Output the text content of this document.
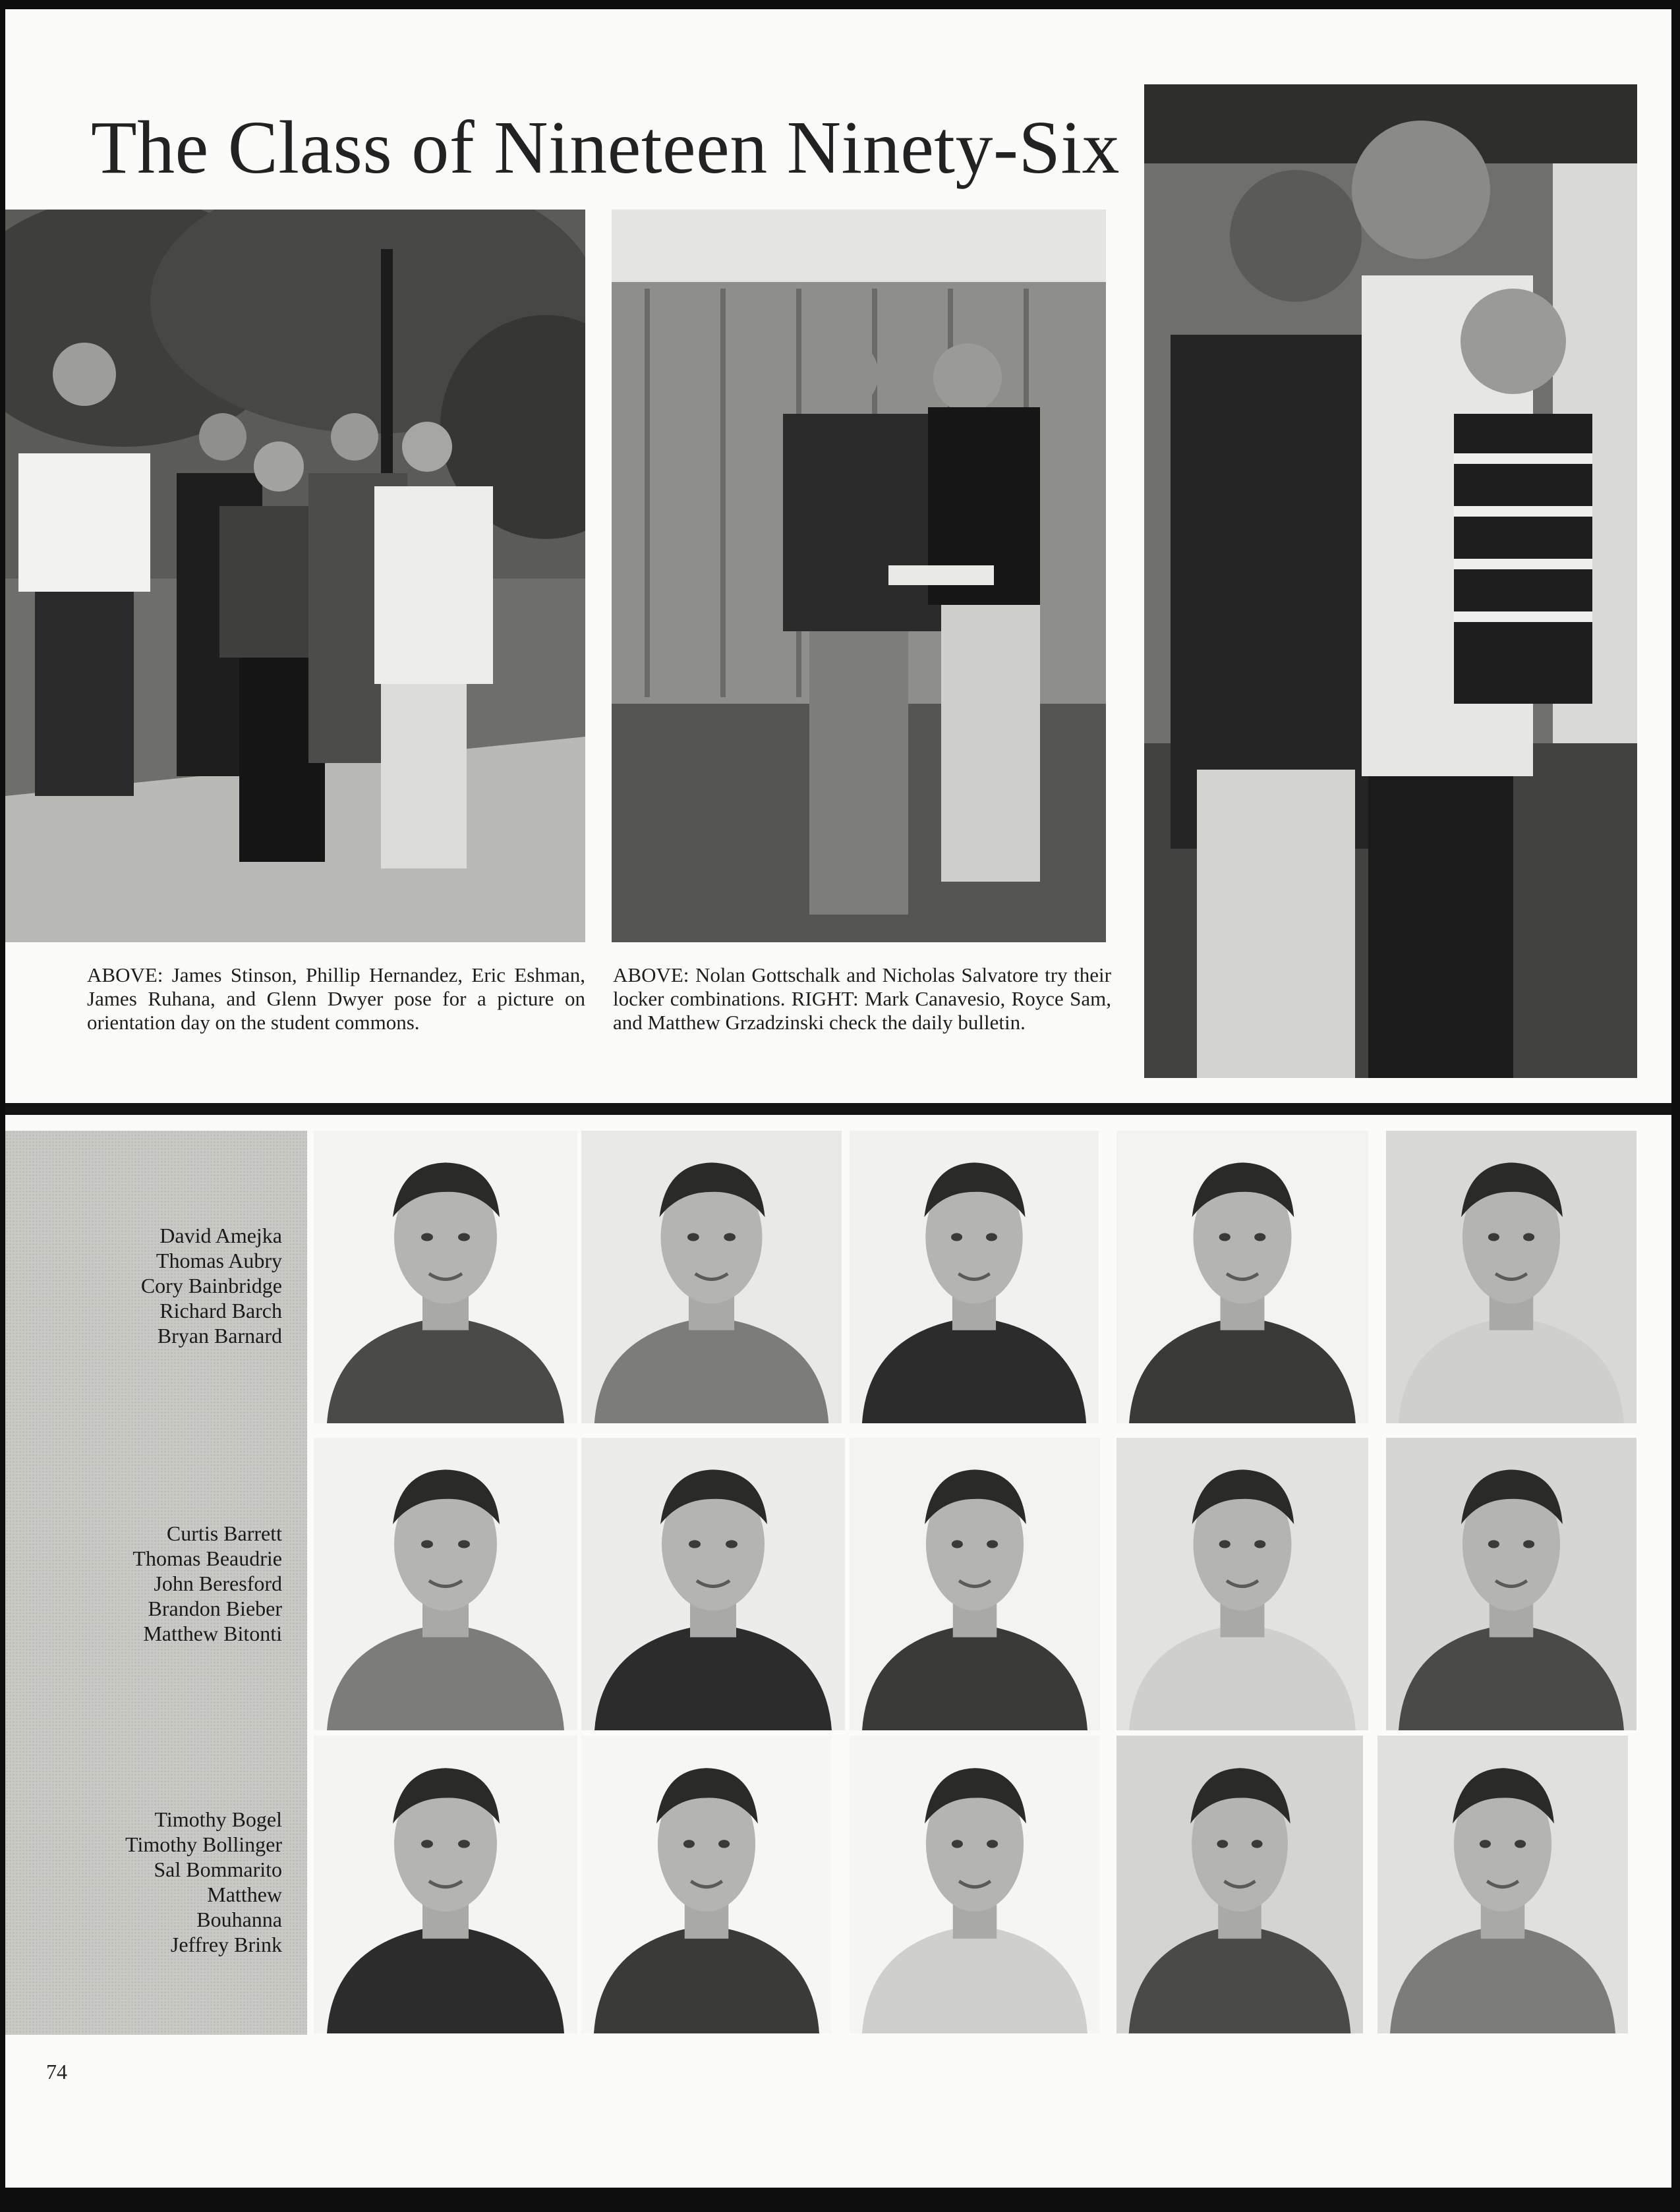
The Class of Nineteen Ninety-Six

ABOVE: James Stinson, Phillip Hernandez, Eric Eshman, James Ruhana, and Glenn Dwyer pose for a picture on orientation day on the student commons.

ABOVE: Nolan Gottschalk and Nicholas Salvatore try their locker combinations. RIGHT: Mark Canavesio, Royce Sam, and Matthew Grzadzinski check the daily bulletin.

David Amejka
Thomas Aubry
Cory Bainbridge
Richard Barch
Bryan Barnard
Curtis Barrett
Thomas Beaudrie
John Beresford
Brandon Bieber
Matthew Bitonti
Timothy Bogel
Timothy Bollinger
Sal Bommarito
Matthew
Bouhanna
Jeffrey Brink
74
